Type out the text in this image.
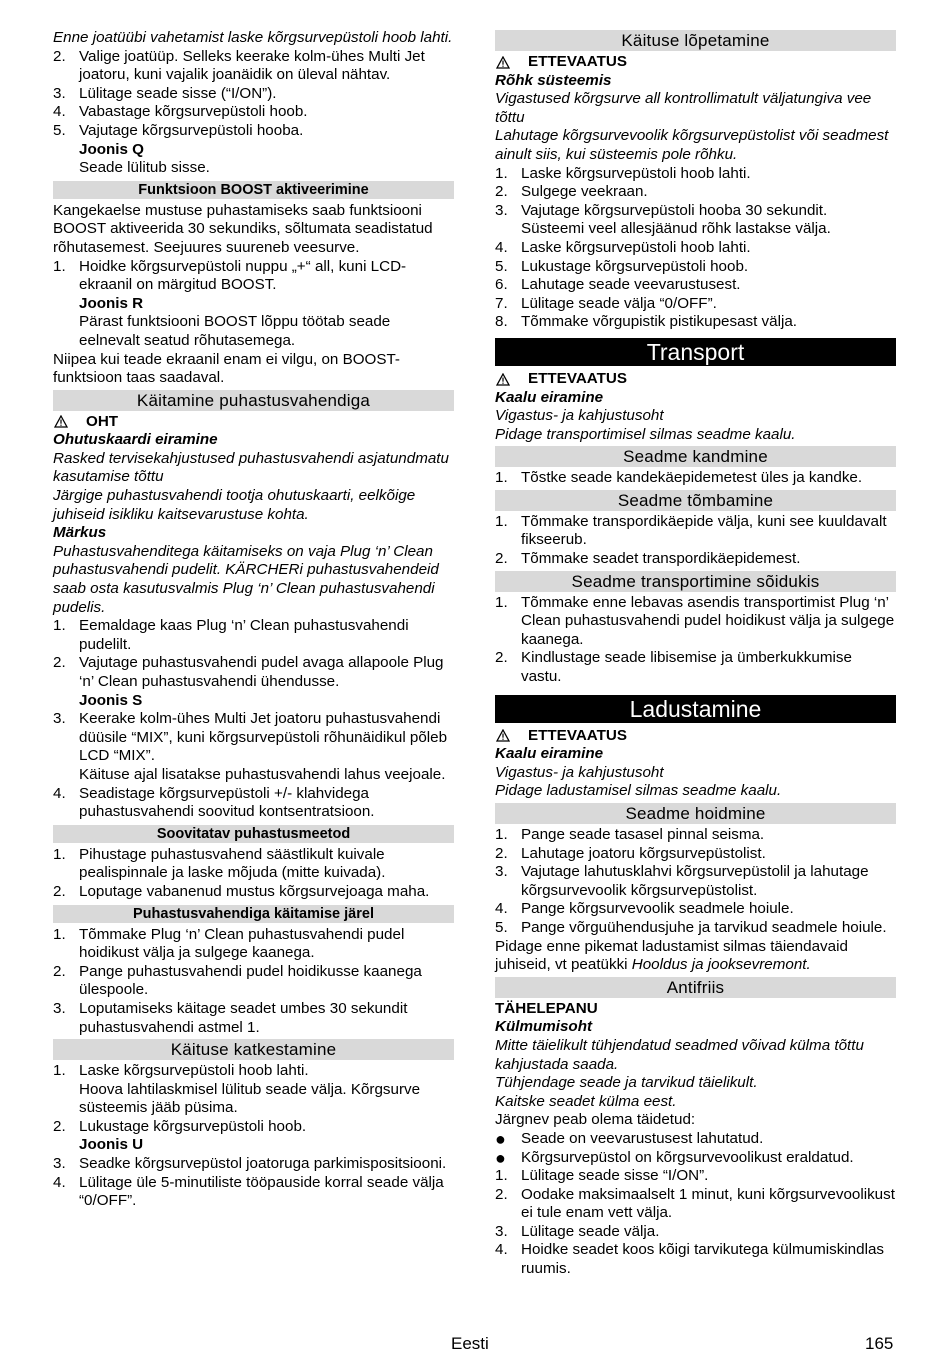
Enne joatüübi vahetamist laske kõrgsurvepüstoli hoob lahti.

2. Valige joatüüp. Selleks keerake kolm-ühes Multi Jet joatoru, kuni vajalik joanäidik on üleval nähtav.
3. Lülitage seade sisse (“I/ON”).
4. Vabastage kõrgsurvepüstoli hoob.
5. Vajutage kõrgsurvepüstoli hooba.

Joonis Q

Seade lülitub sisse.
Funktsioon BOOST aktiveerimine

Kangekaelse mustuse puhastamiseks saab funktsiooni BOOST aktiveerida 30 sekundiks, sõltumata seadistatud rõhutasemest. Seejuures suureneb veesurve.

1. Hoidke kõrgsurvepüstoli nuppu „+“ all, kuni LCD-ekraanil on märgitud BOOST.

Joonis R

Pärast funktsiooni BOOST lõppu töötab seade eelnevalt seatud rõhutasemega.

Niipea kui teade ekraanil enam ei vilgu, on BOOST-funktsioon taas saadaval.

Käitamine puhastusvahendiga
OHT

Ohutuskaardi eiramine

Rasked tervisekahjustused puhastusvahendi asjatundmatu kasutamise tõttu

Järgige puhastusvahendi tootja ohutuskaarti, eelkõige juhiseid isikliku kaitsevarustuse kohta.

Märkus

Puhastusvahenditega käitamiseks on vaja Plug ‘n’ Clean puhastusvahendi pudelit. KÄRCHERi puhastusvahendeid saab osta kasutusvalmis Plug ‘n’ Clean puhastusvahendi pudelis.

1. Eemaldage kaas Plug ‘n’ Clean puhastusvahendi pudelilt.
2. Vajutage puhastusvahendi pudel avaga allapoole Plug ‘n’ Clean puhastusvahendi ühendusse.

Joonis S

3. Keerake kolm-ühes Multi Jet joatoru puhastusvahendi düüsile “MIX”, kuni kõrgsurvepüstoli rõhunäidikul põleb LCD “MIX”.

Käituse ajal lisatakse puhastusvahendi lahus veejoale.

4. Seadistage kõrgsurvepüstoli +/- klahvidega puhastusvahendi soovitud kontsentratsioon.
Soovitatav puhastusmeetod
1. Pihustage puhastusvahend säästlikult kuivale pealispinnale ja laske mõjuda (mitte kuivada).
2. Loputage vabanenud mustus kõrgsurvejoaga maha.
Puhastusvahendiga käitamise järel
1. Tõmmake Plug ‘n’ Clean puhastusvahendi pudel hoidikust välja ja sulgege kaanega.
2. Pange puhastusvahendi pudel hoidikusse kaanega ülespoole.
3. Loputamiseks käitage seadet umbes 30 sekundit puhastusvahendi astmel 1.
Käituse katkestamine
1. Laske kõrgsurvepüstoli hoob lahti.

Hoova lahtilaskmisel lülitub seade välja. Kõrgsurve süsteemis jääb püsima.

2. Lukustage kõrgsurvepüstoli hoob.

Joonis U

3. Seadke kõrgsurvepüstol joatoruga parkimispositsiooni.
4. Lülitage üle 5-minutiliste tööpauside korral seade välja “0/OFF”.
Käituse lõpetamine
ETTEVAATUS

Rõhk süsteemis

Vigastused kõrgsurve all kontrollimatult väljatungiva vee tõttu

Lahutage kõrgsurvevoolik kõrgsurvepüstolist või seadmest ainult siis, kui süsteemis pole rõhku.

1. Laske kõrgsurvepüstoli hoob lahti.
2. Sulgege veekraan.
3. Vajutage kõrgsurvepüstoli hooba 30 sekundit.

Süsteemi veel allesjäänud rõhk lastakse välja.

4. Laske kõrgsurvepüstoli hoob lahti.
5. Lukustage kõrgsurvepüstoli hoob.
6. Lahutage seade veevarustusest.
7. Lülitage seade välja “0/OFF”.
8. Tõmmake võrgupistik pistikupesast välja.
Transport
ETTEVAATUS

Kaalu eiramine

Vigastus- ja kahjustusoht

Pidage transportimisel silmas seadme kaalu.

Seadme kandmine
1. Tõstke seade kandekäepidemetest üles ja kandke.
Seadme tõmbamine
1. Tõmmake transpordikäepide välja, kuni see kuuldavalt fikseerub.
2. Tõmmake seadet transpordikäepidemest.
Seadme transportimine sõidukis
1. Tõmmake enne lebavas asendis transportimist Plug ‘n’ Clean puhastusvahendi pudel hoidikust välja ja sulgege kaanega.
2. Kindlustage seade libisemise ja ümberkukkumise vastu.
Ladustamine
ETTEVAATUS

Kaalu eiramine

Vigastus- ja kahjustusoht

Pidage ladustamisel silmas seadme kaalu.

Seadme hoidmine
1. Pange seade tasasel pinnal seisma.
2. Lahutage joatoru kõrgsurvepüstolist.
3. Vajutage lahutusklahvi kõrgsurvepüstolil ja lahutage kõrgsurvevoolik kõrgsurvepüstolist.
4. Pange kõrgsurvevoolik seadmele hoiule.
5. Pange võrguühendusjuhe ja tarvikud seadmele hoiule.

Pidage enne pikemat ladustamist silmas täiendavaid juhiseid, vt peatükki Hooldus ja jooksevremont.

Antifriis

TÄHELEPANU

Külmumisoht

Mitte täielikult tühjendatud seadmed võivad külma tõttu kahjustada saada.

Tühjendage seade ja tarvikud täielikult.

Kaitske seadet külma eest.

Järgnev peab olema täidetud:

● Seade on veevarustusest lahutatud.
● Kõrgsurvepüstol on kõrgsurvevoolikust eraldatud.
1. Lülitage seade sisse “I/ON”.
2. Oodake maksimaalselt 1 minut, kuni kõrgsurvevoolikust ei tule enam vett välja.
3. Lülitage seade välja.
4. Hoidke seadet koos kõigi tarvikutega külmumiskindlas ruumis.
Eesti	165
